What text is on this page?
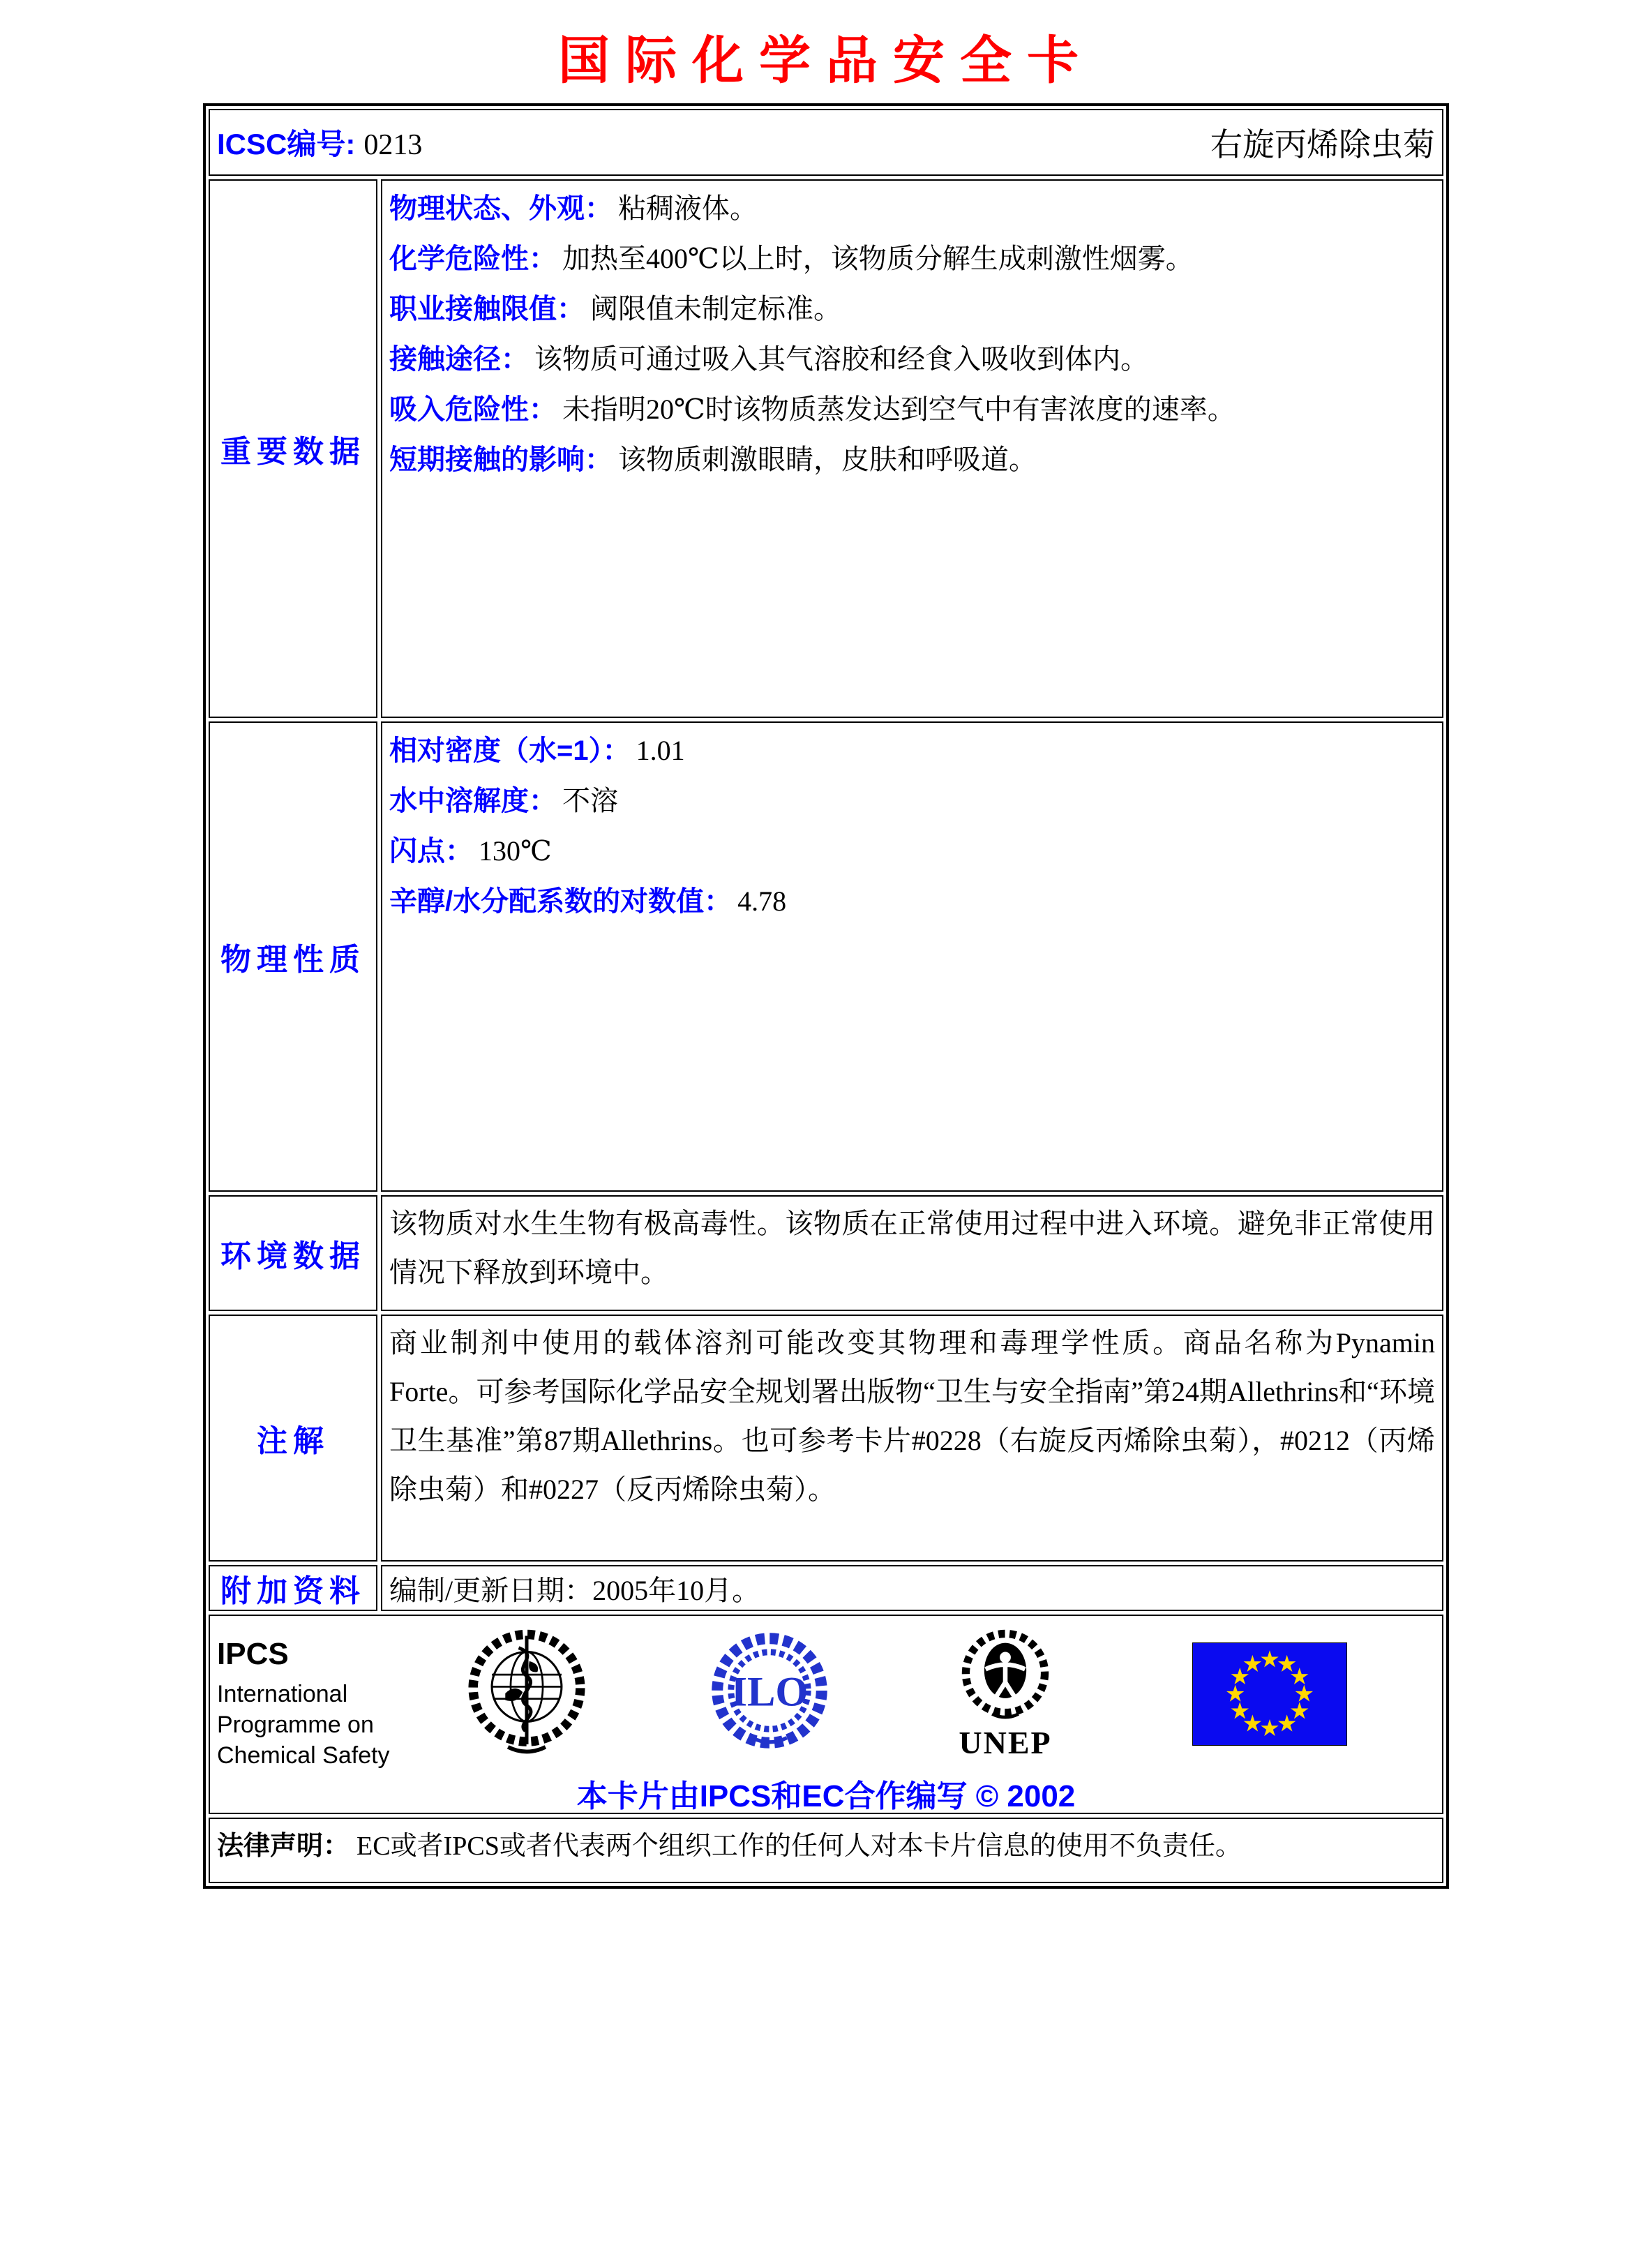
国际化学品安全卡
ICSC编号: 0213	右旋丙烯除虫菊
重要数据
物理状态、外观： 粘稠液体。
化学危险性： 加热至400℃以上时，该物质分解生成刺激性烟雾。
职业接触限值： 阈限值未制定标准。
接触途径： 该物质可通过吸入其气溶胶和经食入吸收到体内。
吸入危险性： 未指明20℃时该物质蒸发达到空气中有害浓度的速率。
短期接触的影响： 该物质刺激眼睛，皮肤和呼吸道。
物理性质
相对密度（水=1）： 1.01
水中溶解度： 不溶
闪点： 130℃
辛醇/水分配系数的对数值： 4.78
环境数据
该物质对水生生物有极高毒性。该物质在正常使用过程中进入环境。避免非正常使用情况下释放到环境中。
注解
商业制剂中使用的载体溶剂可能改变其物理和毒理学性质。商品名称为Pynamin Forte。可参考国际化学品安全规划署出版物“卫生与安全指南”第24期Allethrins和“环境卫生基准”第87期Allethrins。也可参考卡片#0228（右旋反丙烯除虫菊），#0212（丙烯除虫菊）和#0227（反丙烯除虫菊）。
附加资料 编制/更新日期：2005年10月。
IPCS
International
Programme on
Chemical Safety
ILO
UNEP
本卡片由IPCS和EC合作编写 © 2002
法律声明： EC或者IPCS或者代表两个组织工作的任何人对本卡片信息的使用不负责任。
